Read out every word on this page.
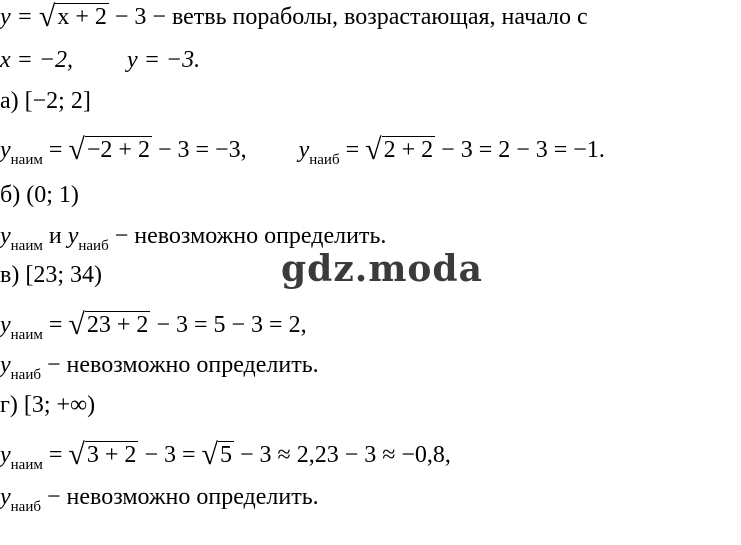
y = √x + 2 − 3 − ветвь пораболы, возрастающая, начало с
x = −2, y = −3.
а) [−2; 2]
$y_{наим} = √-2 + 2 - 3 = -3$, $y_{наиб} = √2 + 2 - 3 = 2 - 3 = -1$.
б) (0; 1)
$y_{наим}$ и $y_{наиб}$ − невозможно определить.
gdz.moda
в) [23; 34)
$y_{наим} = √23 + 2 - 3 = 5 - 3 = 2$,
$y_{наиб}$ − невозможно определить.
г) [3; +∞)
$y_{наим} = √3 + 2 - 3 = √5 - 3 \approx 2,23 - 3 \approx -0,8$,
$y_{наиб}$ − невозможно определить.
